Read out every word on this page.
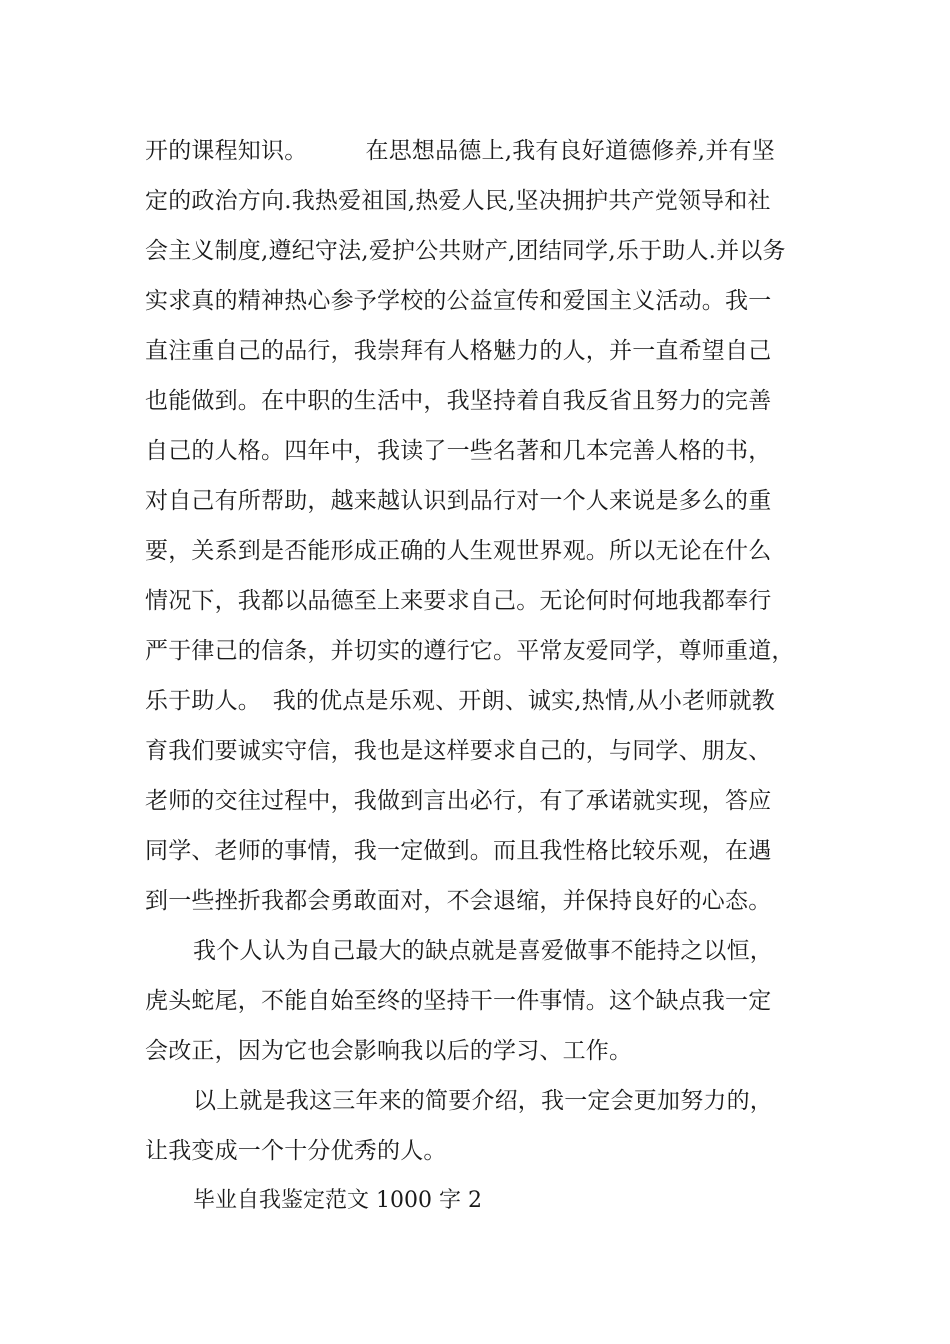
开的课程知识。　　　在思想品德上,我有良好道德修养,并有坚
定的政治方向.我热爱祖国,热爱人民,坚决拥护共产党领导和社
会主义制度,遵纪守法,爱护公共财产,团结同学,乐于助人.并以务
实求真的精神热心参予学校的公益宣传和爱国主义活动。我一
直注重自己的品行，我崇拜有人格魅力的人，并一直希望自己
也能做到。在中职的生活中，我坚持着自我反省且努力的完善
自己的人格。四年中，我读了一些名著和几本完善人格的书，
对自己有所帮助，越来越认识到品行对一个人来说是多么的重
要，关系到是否能形成正确的人生观世界观。所以无论在什么
情况下，我都以品德至上来要求自己。无论何时何地我都奉行
严于律己的信条，并切实的遵行它。平常友爱同学，尊师重道，
乐于助人。　我的优点是乐观、开朗、诚实,热情,从小老师就教
育我们要诚实守信，我也是这样要求自己的，与同学、朋友、
老师的交往过程中，我做到言出必行，有了承诺就实现，答应
同学、老师的事情，我一定做到。而且我性格比较乐观，在遇
到一些挫折我都会勇敢面对，不会退缩，并保持良好的心态。
我个人认为自己最大的缺点就是喜爱做事不能持之以恒，
虎头蛇尾，不能自始至终的坚持干一件事情。这个缺点我一定
会改正，因为它也会影响我以后的学习、工作。
以上就是我这三年来的简要介绍，我一定会更加努力的，
让我变成一个十分优秀的人。
毕业自我鉴定范文 1000 字 2
